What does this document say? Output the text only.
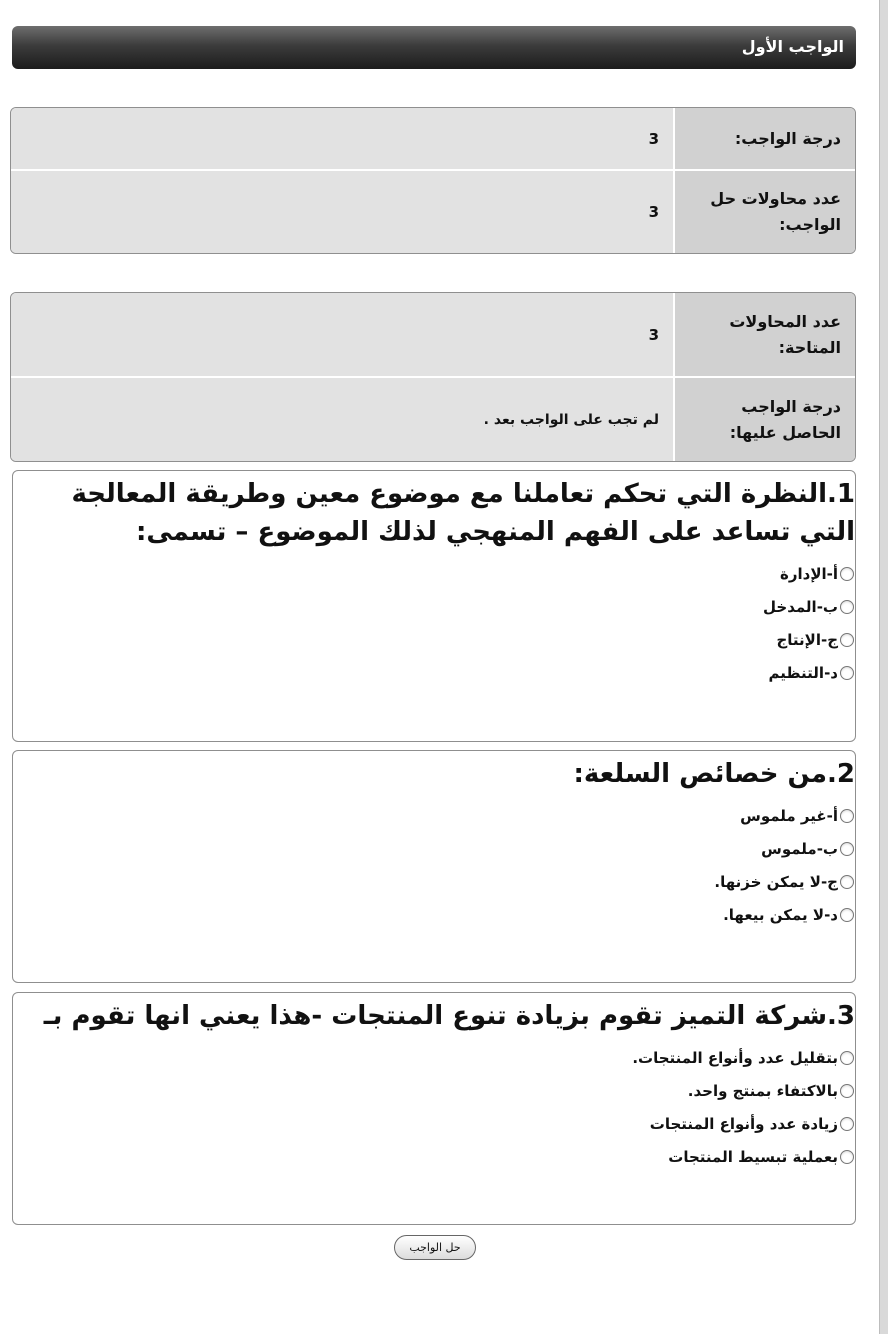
الواجب الأول
درجة الواجب:
3
عدد محاولات حل الواجب:
3
عدد المحاولات المتاحة:
3
درجة الواجب الحاصل عليها:
لم تجب على الواجب بعد .
1.النظرة التي تحكم تعاملنا مع موضوع معين وطريقة المعالجة التي تساعد على الفهم المنهجي لذلك الموضوع – تسمى:
أ-الإدارة
ب-المدخل
ج-الإنتاج
د-التنظيم
2.من خصائص السلعة:
أ-غير ملموس
ب-ملموس
ج-لا يمكن خزنها.
د-لا يمكن بيعها.
3.شركة التميز تقوم بزيادة تنوع المنتجات -هذا يعني انها تقوم بـ
بتقليل عدد وأنواع المنتجات.
بالاكتفاء بمنتج واحد.
زيادة عدد وأنواع المنتجات
بعملية تبسيط المنتجات
حل الواجب
